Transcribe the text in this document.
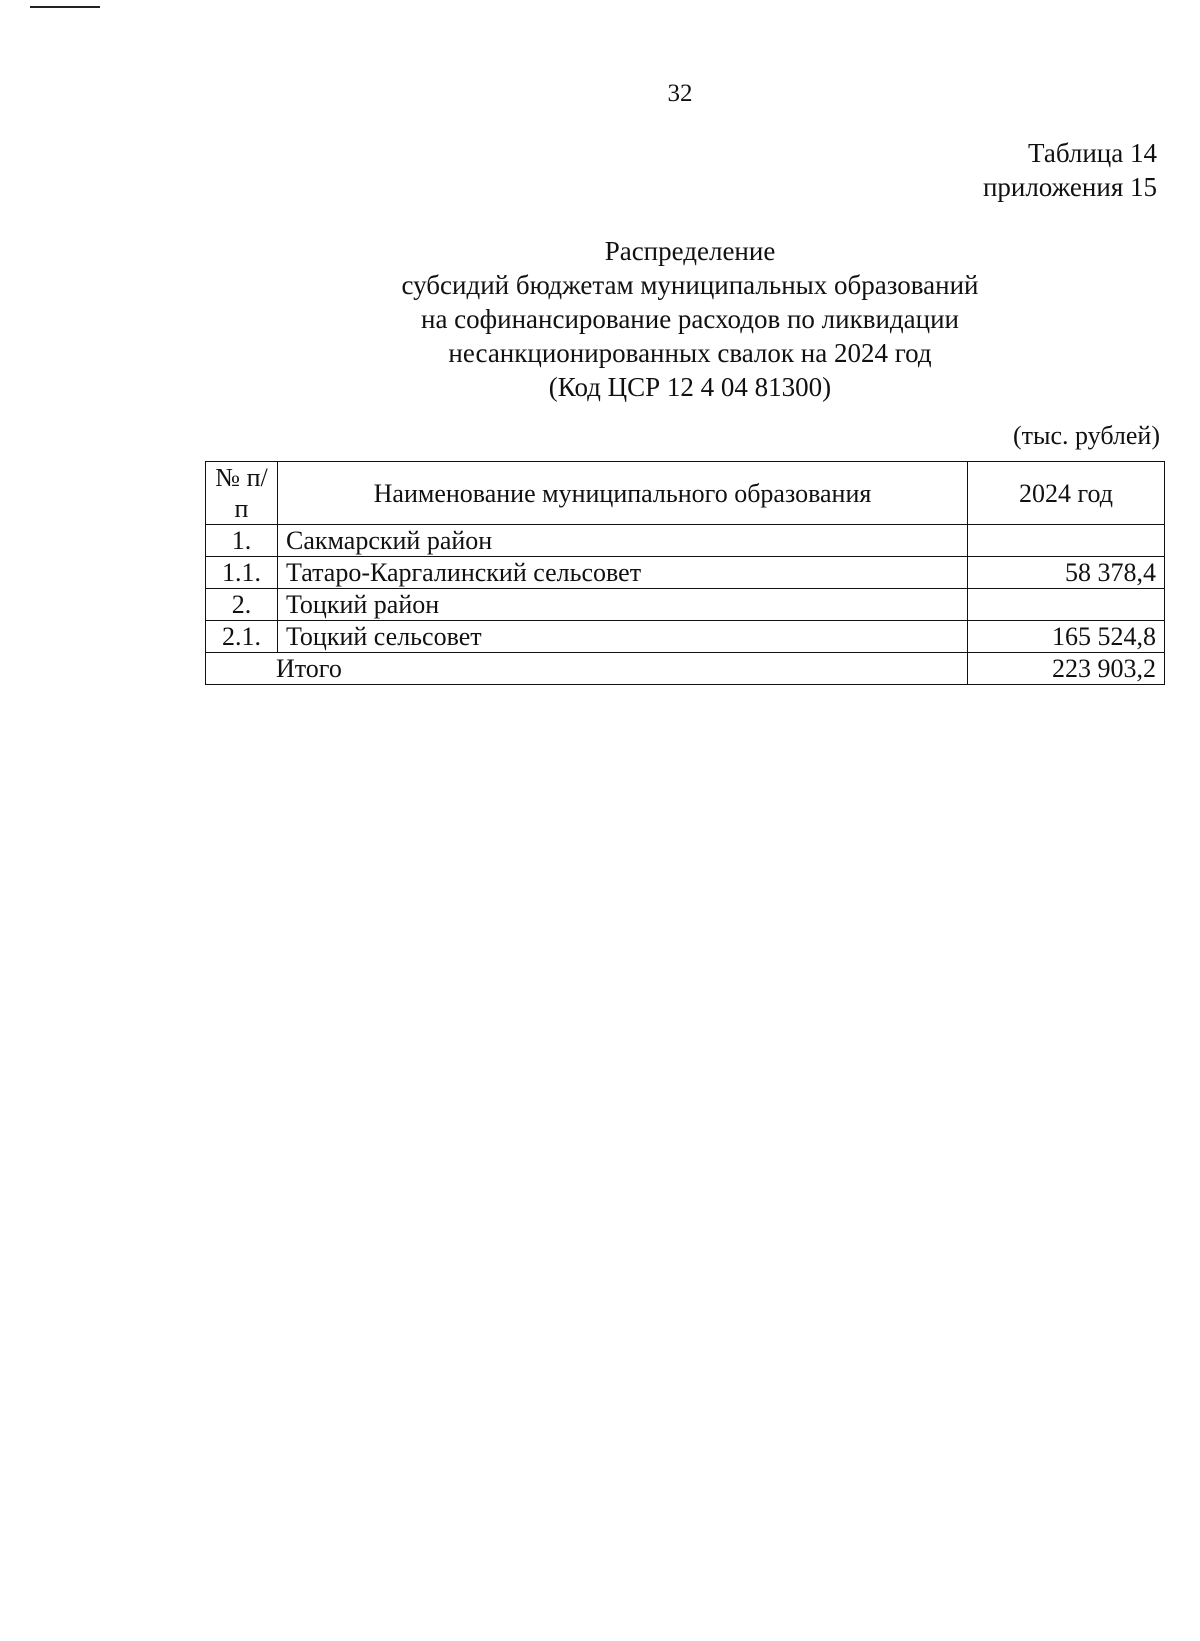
32
Таблица 14
приложения 15
Распределение
субсидий бюджетам муниципальных образований
на софинансирование расходов по ликвидации
несанкционированных свалок на 2024 год
(Код ЦСР 12 4 04 81300)
(тыс. рублей)
№ п/п	Наименование муниципального образования	2024 год
1.	Сакмарский район	
1.1.	Татаро-Каргалинский сельсовет	58 378,4
2.	Тоцкий район	
2.1.	Тоцкий сельсовет	165 524,8
Итого		223 903,2
